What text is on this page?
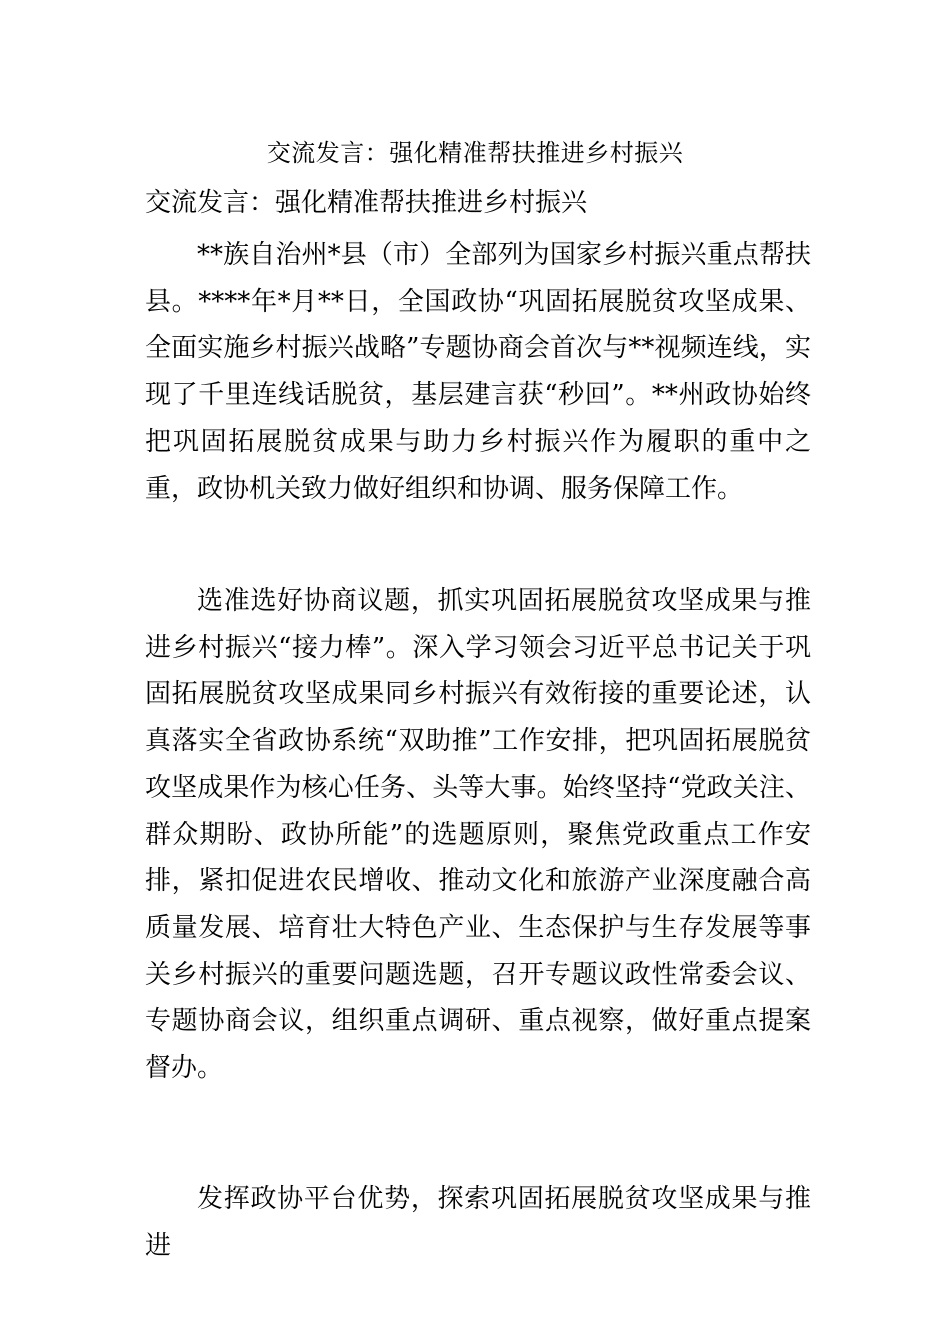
交流发言：强化精准帮扶推进乡村振兴
交流发言：强化精准帮扶推进乡村振兴

**族自治州*县（市）全部列为国家乡村振兴重点帮扶县。****年*月**日，全国政协“巩固拓展脱贫攻坚成果、全面实施乡村振兴战略”专题协商会首次与**视频连线，实现了千里连线话脱贫，基层建言获“秒回”。**州政协始终把巩固拓展脱贫成果与助力乡村振兴作为履职的重中之重，政协机关致力做好组织和协调、服务保障工作。

选准选好协商议题，抓实巩固拓展脱贫攻坚成果与推进乡村振兴“接力棒”。深入学习领会习近平总书记关于巩固拓展脱贫攻坚成果同乡村振兴有效衔接的重要论述，认真落实全省政协系统“双助推”工作安排，把巩固拓展脱贫攻坚成果作为核心任务、头等大事。始终坚持“党政关注、群众期盼、政协所能”的选题原则，聚焦党政重点工作安排，紧扣促进农民增收、推动文化和旅游产业深度融合高质量发展、培育壮大特色产业、生态保护与生存发展等事关乡村振兴的重要问题选题，召开专题议政性常委会议、专题协商会议，组织重点调研、重点视察，做好重点提案督办。

发挥政协平台优势，探索巩固拓展脱贫攻坚成果与推进
